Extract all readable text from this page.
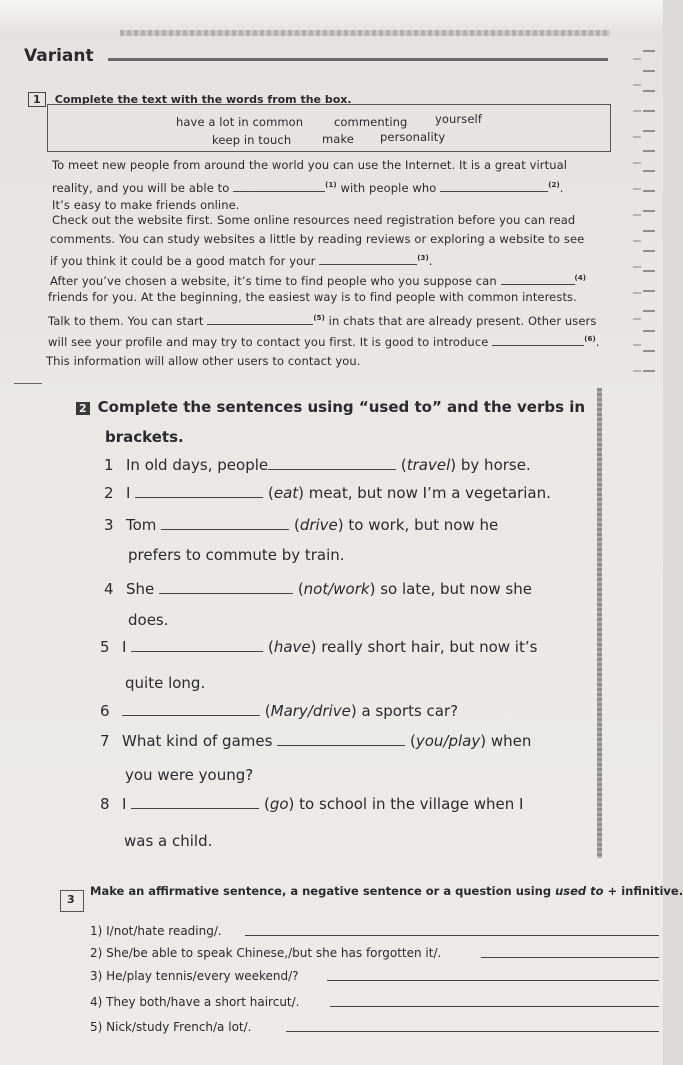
Variant
1 Complete the text with the words from the box.
have a lot in common	commenting yourself
keep in touch	make personality
To meet new people from around the world you can use the Internet. It is a great virtual
reality, and you will be able to	$^{(1)}$ with people who	$^{(2)}$.
It’s easy to make friends online.
Check out the website first. Some online resources need registration before you can read
comments. You can study websites a little by reading reviews or exploring a website to see
if you think it could be a good match for your	$^{(3)}$.
After you’ve chosen a website, it’s time to find people who you suppose can	$^{(4)}$
friends for you. At the beginning, the easiest way is to find people with common interests.
Talk to them. You can start	$^{(5)}$ in chats that are already present. Other users
will see your profile and may try to contact you first. It is good to introduce	$^{(6)}$.
This information will allow other users to contact you.
2 Complete the sentences using “used to” and the verbs in
brackets.
1 In old days, people	(travel) by horse.
2 I	(eat) meat, but now I’m a vegetarian.
3 Tom	(drive) to work, but now he
prefers to commute by train.
4 She	(not/work) so late, but now she
does.
5 I	(have) really short hair, but now it’s
quite long.
6	(Mary/drive) a sports car?
7 What kind of games	(you/play) when
you were young?
8 I	(go) to school in the village when I
was a child.
3
Make an affirmative sentence, a negative sentence or a question using used to + infinitive.
1) I/not/hate reading/.
2) She/be able to speak Chinese,/but she has forgotten it/.
3) He/play tennis/every weekend/?
4) They both/have a short haircut/.
5) Nick/study French/a lot/.
